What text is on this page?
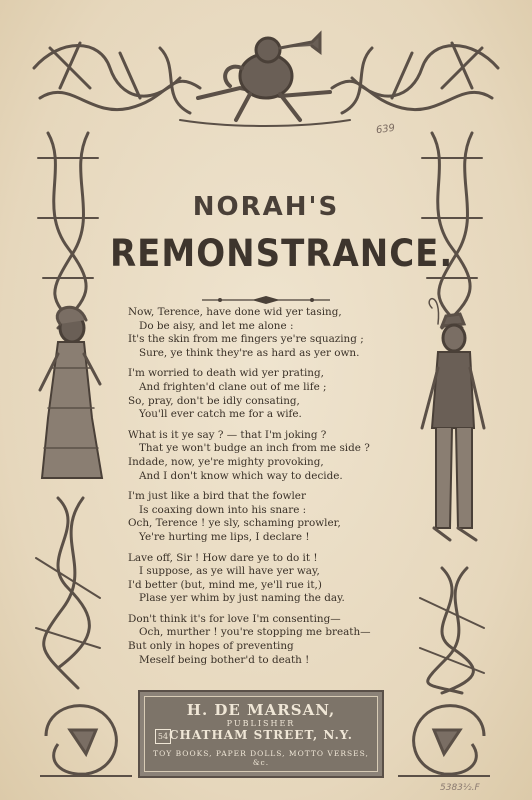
639
NORAH'S
REMONSTRANCE.
Now, Terence, have done wid yer tasing,
Do be aisy, and let me alone :
It's the skin from me fingers ye're squazing ;
Sure, ye think they're as hard as yer own.
I'm worried to death wid yer prating,
And frighten'd clane out of me life ;
So, pray, don't be idly consating,
You'll ever catch me for a wife.
What is it ye say ? — that I'm joking ?
That ye won't budge an inch from me side ?
Indade, now, ye're mighty provoking,
And I don't know which way to decide.
I'm just like a bird that the fowler
Is coaxing down into his snare :
Och, Terence ! ye sly, schaming prowler,
Ye're hurting me lips, I declare !
Lave off, Sir ! How dare ye to do it !
I suppose, as ye will have yer way,
I'd better (but, mind me, ye'll rue it,)
Plase yer whim by just naming the day.
Don't think it's for love I'm consenting—
Och, murther ! you're stopping me breath—
But only in hopes of preventing
Meself being bother'd to death !
H. DE MARSAN,
PUBLISHER
54 CHATHAM STREET, N.Y.
TOY BOOKS, PAPER DOLLS, MOTTO VERSES, &c.
5383½.F
